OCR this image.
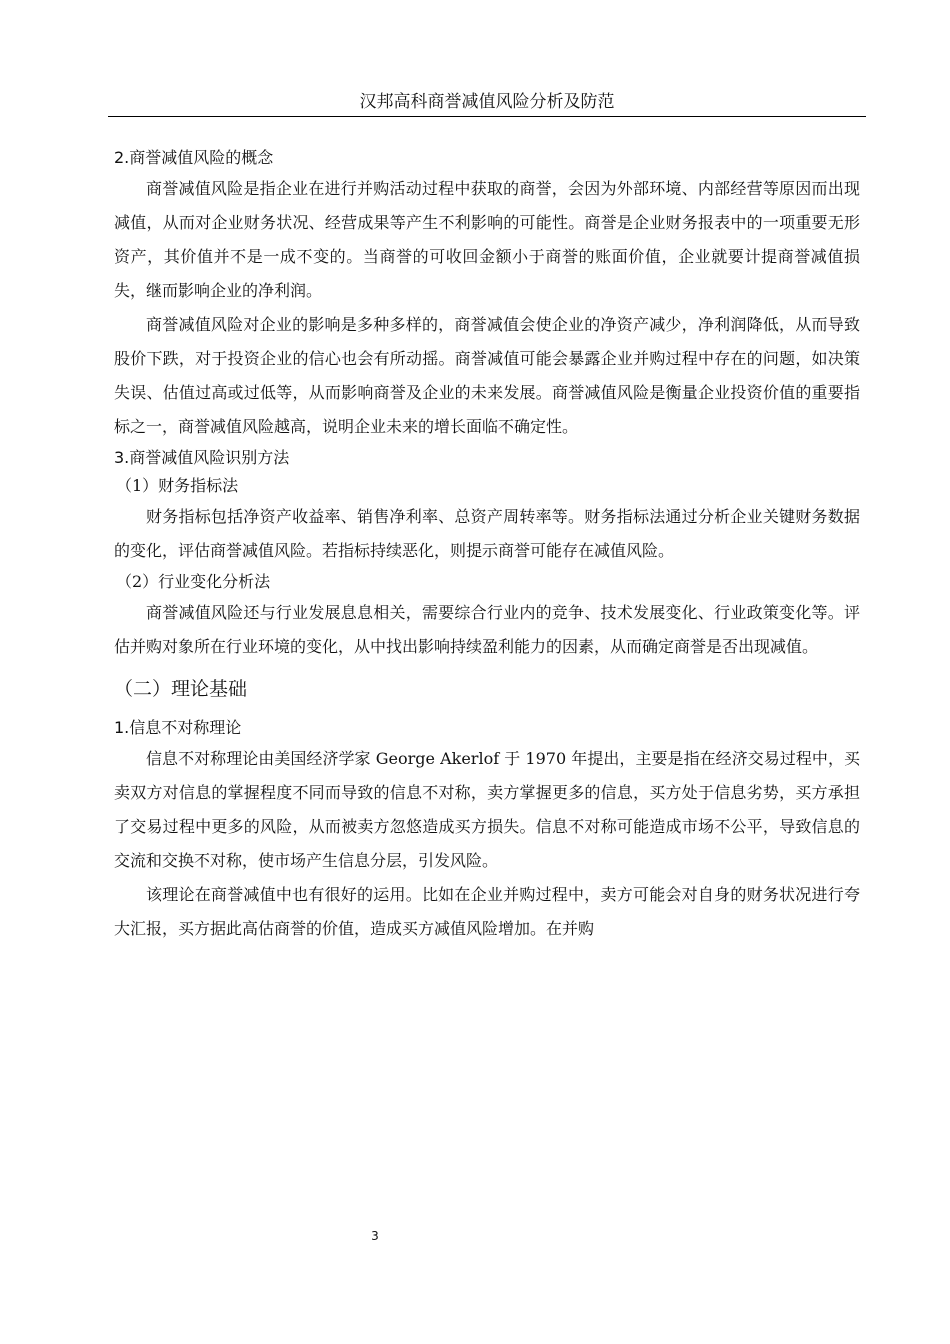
汉邦高科商誉减值风险分析及防范
2.商誉减值风险的概念

商誉减值风险是指企业在进行并购活动过程中获取的商誉，会因为外部环境、内部经营等原因而出现减值，从而对企业财务状况、经营成果等产生不利影响的可能性。商誉是企业财务报表中的一项重要无形资产，其价值并不是一成不变的。当商誉的可收回金额小于商誉的账面价值，企业就要计提商誉减值损失，继而影响企业的净利润。

商誉减值风险对企业的影响是多种多样的，商誉减值会使企业的净资产减少，净利润降低，从而导致股价下跌，对于投资企业的信心也会有所动摇。商誉减值可能会暴露企业并购过程中存在的问题，如决策失误、估值过高或过低等，从而影响商誉及企业的未来发展。商誉减值风险是衡量企业投资价值的重要指标之一，商誉减值风险越高，说明企业未来的增长面临不确定性。

3.商誉减值风险识别方法
（1）财务指标法

财务指标包括净资产收益率、销售净利率、总资产周转率等。财务指标法通过分析企业关键财务数据的变化，评估商誉减值风险。若指标持续恶化，则提示商誉可能存在减值风险。

（2）行业变化分析法

商誉减值风险还与行业发展息息相关，需要综合行业内的竞争、技术发展变化、行业政策变化等。评估并购对象所在行业环境的变化，从中找出影响持续盈利能力的因素，从而确定商誉是否出现减值。

（二）理论基础
1.信息不对称理论

信息不对称理论由美国经济学家 George Akerlof 于 1970 年提出，主要是指在经济交易过程中，买卖双方对信息的掌握程度不同而导致的信息不对称，卖方掌握更多的信息，买方处于信息劣势，买方承担了交易过程中更多的风险，从而被卖方忽悠造成买方损失。信息不对称可能造成市场不公平，导致信息的交流和交换不对称，使市场产生信息分层，引发风险。

该理论在商誉减值中也有很好的运用。比如在企业并购过程中，卖方可能会对自身的财务状况进行夸大汇报，买方据此高估商誉的价值，造成买方减值风险增加。在并购

3
